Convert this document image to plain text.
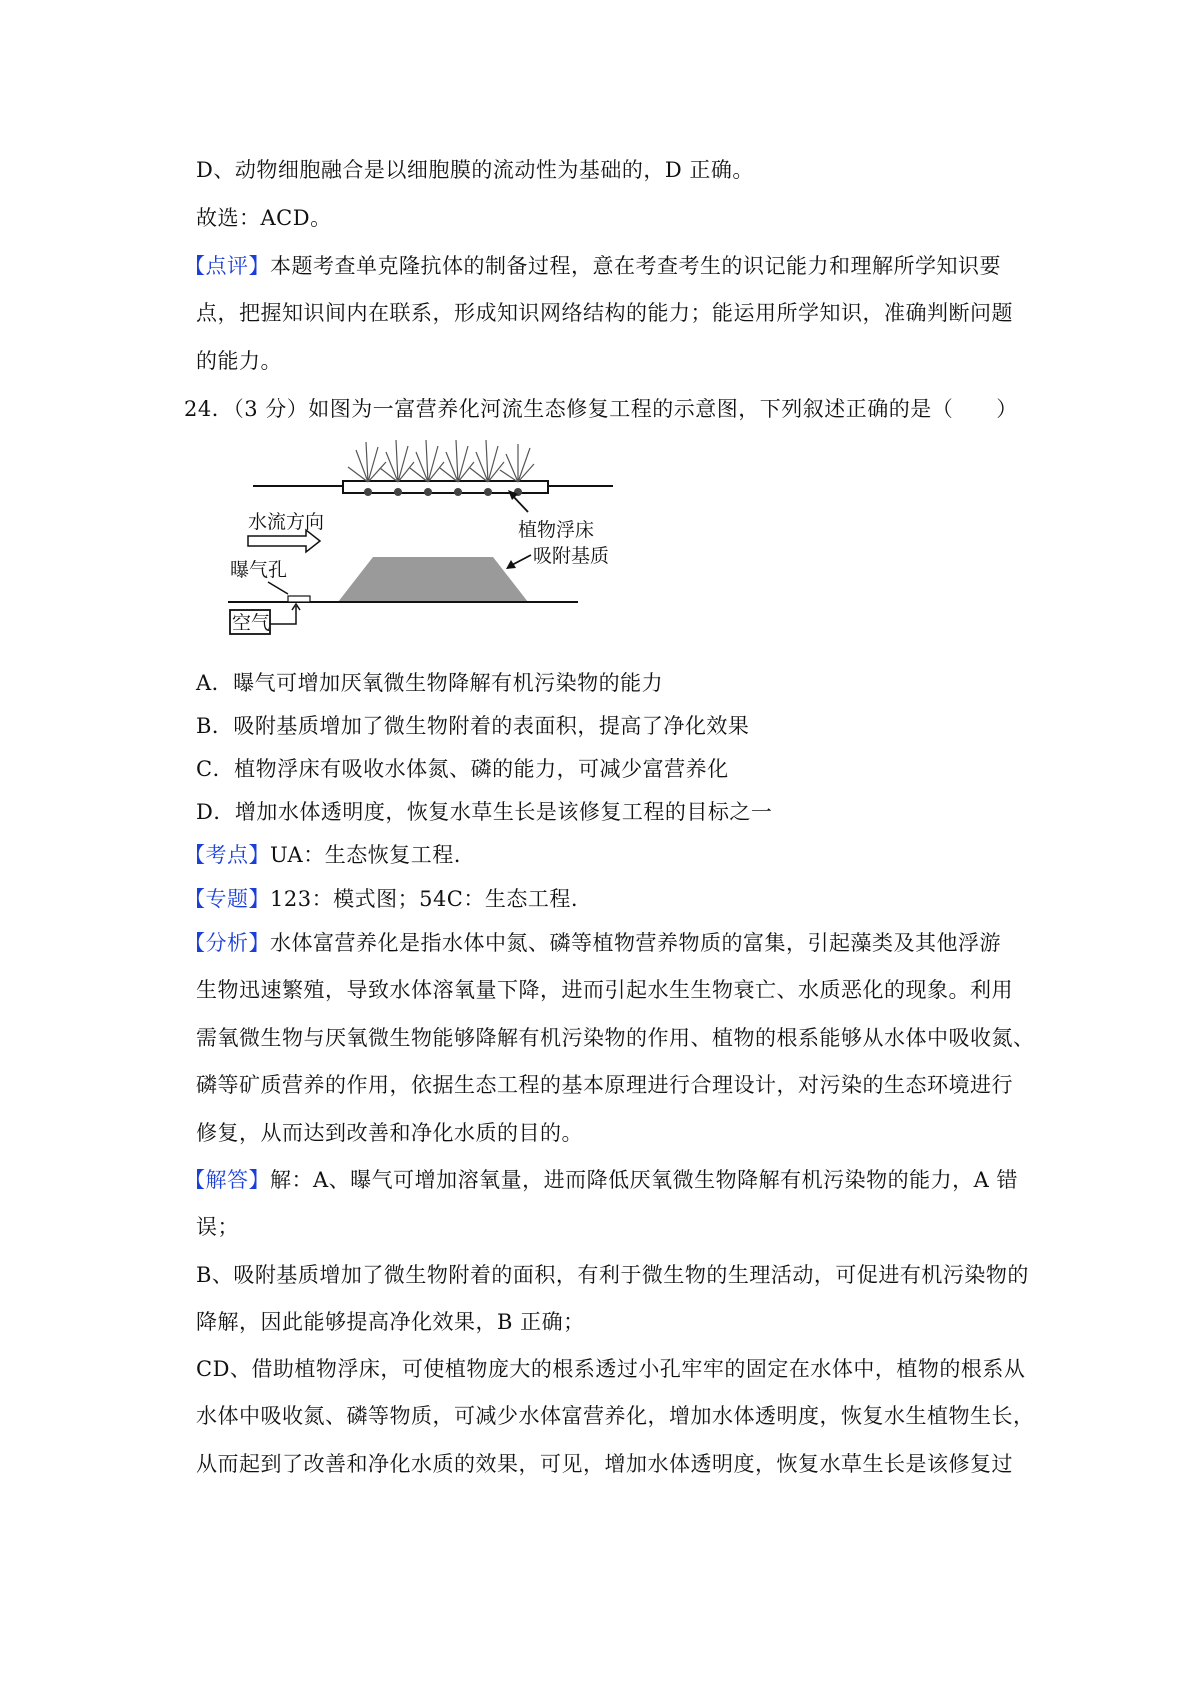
D、动物细胞融合是以细胞膜的流动性为基础的，D 正确。
故选：ACD。
【点评】本题考查单克隆抗体的制备过程，意在考查考生的识记能力和理解所学知识要
点，把握知识间内在联系，形成知识网络结构的能力；能运用所学知识，准确判断问题
的能力。
24．（3 分）如图为一富营养化河流生态修复工程的示意图，下列叙述正确的是（　　）
植物浮床
水流方向
吸附基质
曝气孔
空气
A．曝气可增加厌氧微生物降解有机污染物的能力
B．吸附基质增加了微生物附着的表面积，提高了净化效果
C．植物浮床有吸收水体氮、磷的能力，可减少富营养化
D．增加水体透明度，恢复水草生长是该修复工程的目标之一
【考点】UA：生态恢复工程.
【专题】123：模式图；54C：生态工程.
【分析】水体富营养化是指水体中氮、磷等植物营养物质的富集，引起藻类及其他浮游
生物迅速繁殖，导致水体溶氧量下降，进而引起水生生物衰亡、水质恶化的现象。利用
需氧微生物与厌氧微生物能够降解有机污染物的作用、植物的根系能够从水体中吸收氮、
磷等矿质营养的作用，依据生态工程的基本原理进行合理设计，对污染的生态环境进行
修复，从而达到改善和净化水质的目的。
【解答】解：A、曝气可增加溶氧量，进而降低厌氧微生物降解有机污染物的能力，A 错
误；
B、吸附基质增加了微生物附着的面积，有利于微生物的生理活动，可促进有机污染物的
降解，因此能够提高净化效果，B 正确；
CD、借助植物浮床，可使植物庞大的根系透过小孔牢牢的固定在水体中，植物的根系从
水体中吸收氮、磷等物质，可减少水体富营养化，增加水体透明度，恢复水生植物生长，
从而起到了改善和净化水质的效果，可见，增加水体透明度，恢复水草生长是该修复过
